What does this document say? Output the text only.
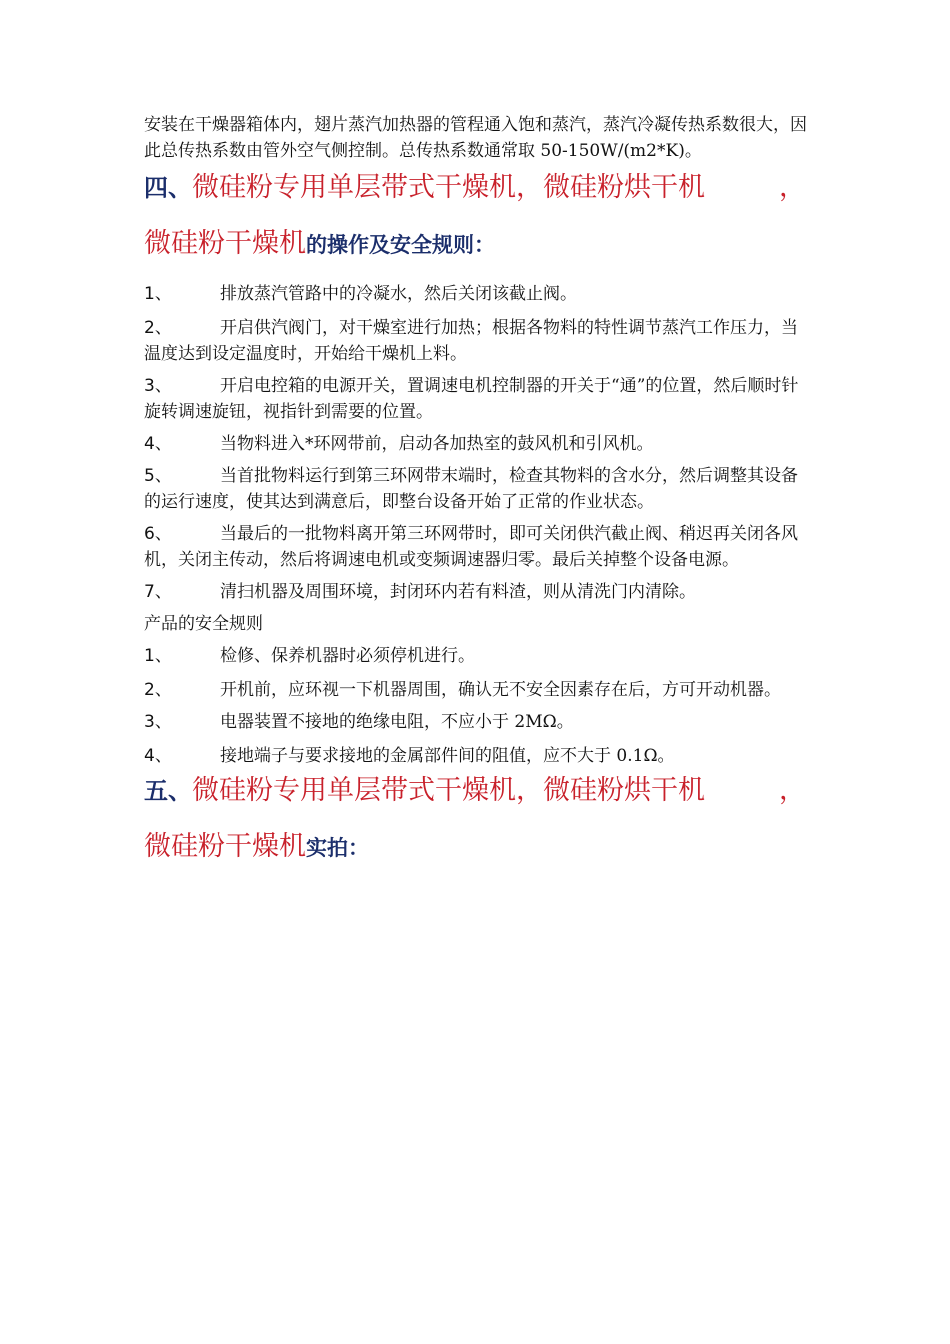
安装在干燥器箱体内，翅片蒸汽加热器的管程通入饱和蒸汽，蒸汽冷凝传热系数很大，因此总传热系数由管外空气侧控制。总传热系数通常取 50-150W/(m2*K)。

四、微硅粉专用单层带式干燥机，微硅粉烘干机	，

微硅粉干燥机的操作及安全规则：

1、	排放蒸汽管路中的冷凝水，然后关闭该截止阀。

2、	开启供汽阀门，对干燥室进行加热；根据各物料的特性调节蒸汽工作压力，当温度达到设定温度时，开始给干燥机上料。

3、	开启电控箱的电源开关，置调速电机控制器的开关于“通”的位置，然后顺时针旋转调速旋钮，视指针到需要的位置。

4、	当物料进入*环网带前，启动各加热室的鼓风机和引风机。

5、	当首批物料运行到第三环网带末端时，检查其物料的含水分，然后调整其设备的运行速度，使其达到满意后，即整台设备开始了正常的作业状态。

6、	当最后的一批物料离开第三环网带时，即可关闭供汽截止阀、稍迟再关闭各风机，关闭主传动，然后将调速电机或变频调速器归零。最后关掉整个设备电源。

7、	清扫机器及周围环境，封闭环内若有料渣，则从清洗门内清除。

产品的安全规则

1、	检修、保养机器时必须停机进行。

2、	开机前，应环视一下机器周围，确认无不安全因素存在后，方可开动机器。

3、	电器装置不接地的绝缘电阻，不应小于 2MΩ。
4、	接地端子与要求接地的金属部件间的阻值，应不大于 0.1Ω。

五、微硅粉专用单层带式干燥机，微硅粉烘干机	，

微硅粉干燥机实拍：
